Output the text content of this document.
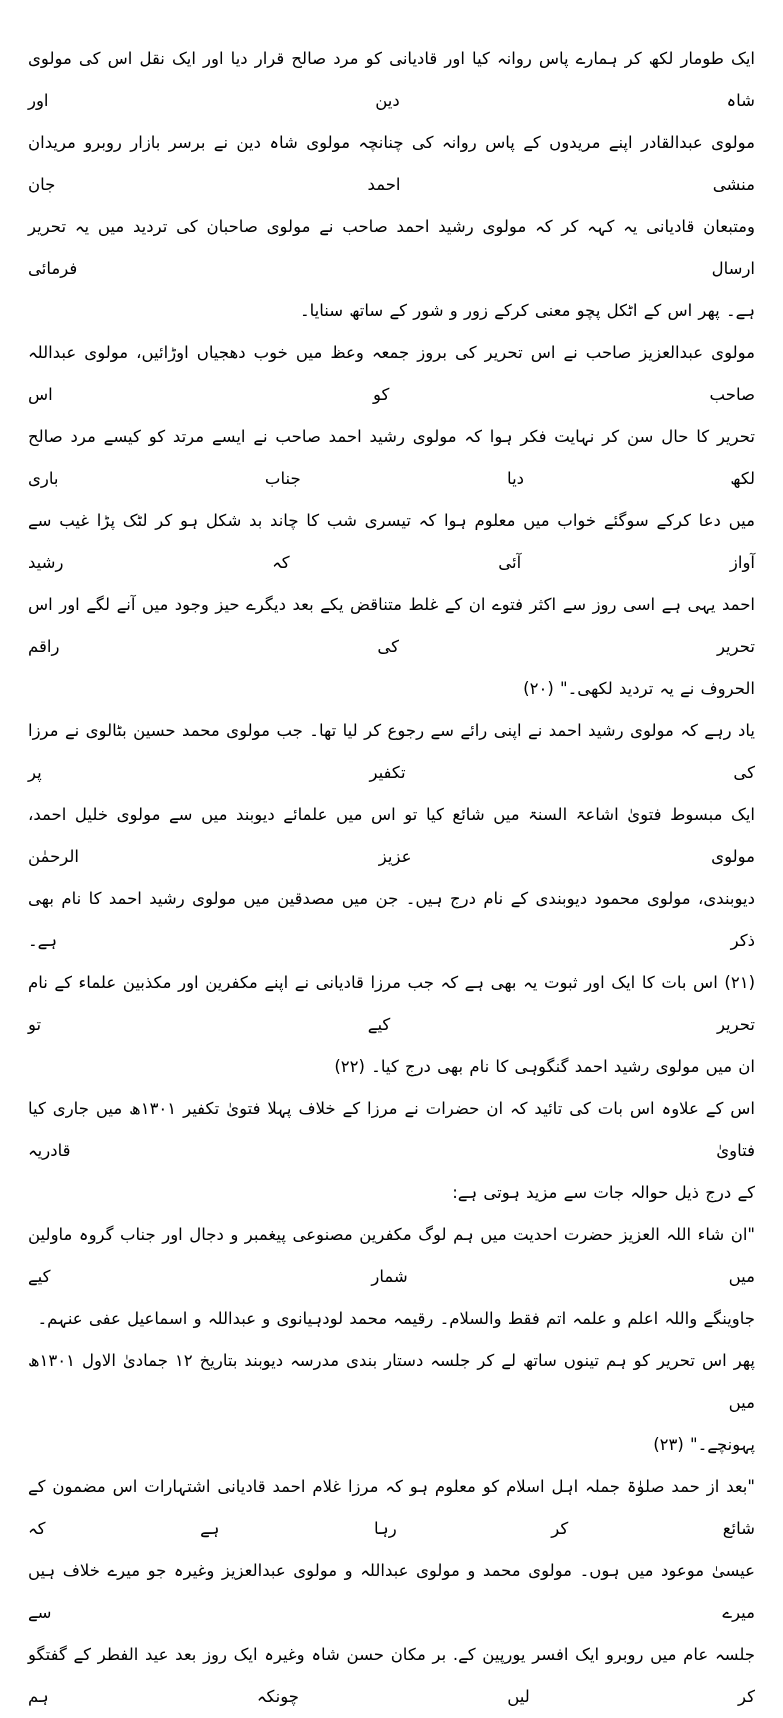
ایک طومار لکھ کر ہمارے پاس روانہ کیا اور قادیانی کو مرد صالح قرار دیا اور ایک نقل اس کی مولوی شاہ دین اور
مولوی عبدالقادر اپنے مریدوں کے پاس روانہ کی چنانچہ مولوی شاہ دین نے برسر بازار روبرو مریدان منشی احمد جان
ومتبعان قادیانی یہ کہہ کر کہ مولوی رشید احمد صاحب نے مولوی صاحبان کی تردید میں یہ تحریر ارسال فرمائی
ہے۔ پھر اس کے اٹکل پچو معنی کرکے زور و شور کے ساتھ سنایا۔
مولوی عبدالعزیز صاحب نے اس تحریر کی بروز جمعہ وعظ میں خوب دھجیاں اوڑائیں، مولوی عبداللہ صاحب کو اس
تحریر کا حال سن کر نہایت فکر ہوا کہ مولوی رشید احمد صاحب نے ایسے مرتد کو کیسے مرد صالح لکھ دیا جناب باری
میں دعا کرکے سوگئے خواب میں معلوم ہوا کہ تیسری شب کا چاند بد شکل ہو کر لٹک پڑا غیب سے آواز آئی کہ رشید
احمد یہی ہے اسی روز سے اکثر فتوے ان کے غلط متناقض یکے بعد دیگرے حیز وجود میں آنے لگے اور اس تحریر کی راقم
الحروف نے یہ تردید لکھی۔" (۲۰)
یاد رہے کہ مولوی رشید احمد نے اپنی رائے سے رجوع کر لیا تھا۔ جب مولوی محمد حسین بٹالوی نے مرزا کی تکفیر پر
ایک مبسوط فتویٰ اشاعۃ السنۃ میں شائع کیا تو اس میں علمائے دیوبند میں سے مولوی خلیل احمد، مولوی عزیز الرحمٰن
دیوبندی، مولوی محمود دیوبندی کے نام درج ہیں۔ جن میں مصدقین میں مولوی رشید احمد کا نام بھی ذکر ہے۔
(۲۱) اس بات کا ایک اور ثبوت یہ بھی ہے کہ جب مرزا قادیانی نے اپنے مکفرین اور مکذبین علماء کے نام تحریر کیے تو
ان میں مولوی رشید احمد گنگوہی کا نام بھی درج کیا۔ (۲۲)
اس کے علاوہ اس بات کی تائید کہ ان حضرات نے مرزا کے خلاف پہلا فتویٰ تکفیر ۱۳۰۱ھ میں جاری کیا فتاویٰ قادریہ
کے درج ذیل حوالہ جات سے مزید ہوتی ہے:
"ان شاء اللہ العزیز حضرت احدیت میں ہم لوگ مکفرین مصنوعی پیغمبر و دجال اور جناب گروہ ماولین میں شمار کیے
جاوینگے واللہ اعلم و علمہ اتم فقط والسلام۔ رقیمہ محمد لودہیانوی و عبداللہ و اسماعیل عفی عنہم۔
پھر اس تحریر کو ہم تینوں ساتھ لے کر جلسہ دستار بندی مدرسہ دیوبند بتاریخ ۱۲ جمادیٰ الاول ۱۳۰۱ھ میں
پہونچے۔" (۲۳)
"بعد از حمد صلوٰۃ جملہ اہل اسلام کو معلوم ہو کہ مرزا غلام احمد قادیانی اشتہارات اس مضمون کے شائع کر رہا ہے کہ
عیسیٰ موعود میں ہوں۔ مولوی محمد و مولوی عبداللہ و مولوی عبدالعزیز وغیرہ جو میرے خلاف ہیں میرے سے
جلسہ عام میں روبرو ایک افسر یورپین کے. بر مکان حسن شاہ وغیرہ ایک روز بعد عید الفطر کے گفتگو کر لیں چونکہ ہم
